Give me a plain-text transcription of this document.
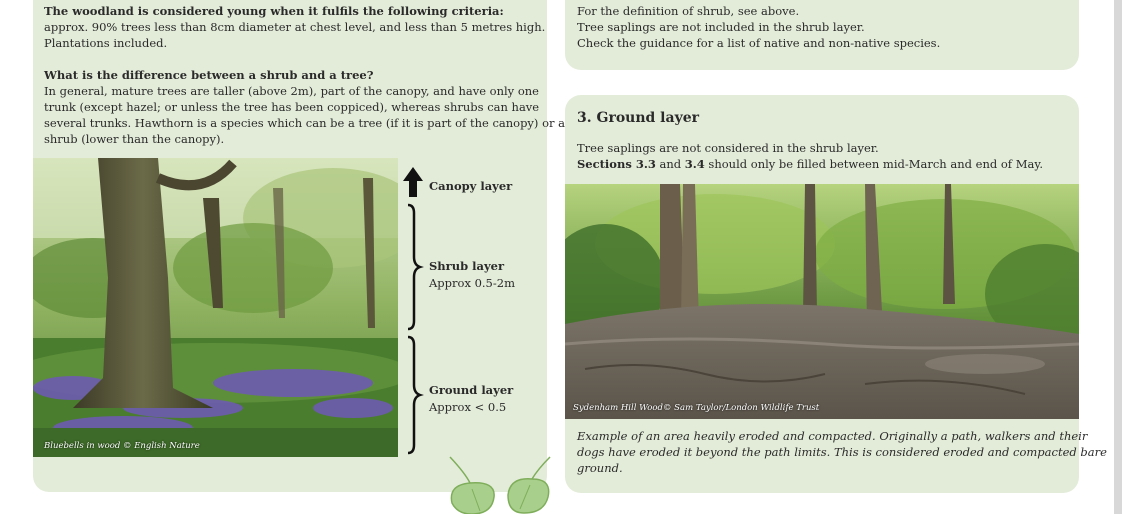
The woodland is considered young when it fulfils the following criteria:

approx. 90% trees less than 8cm diameter at chest level, and less than 5 metres high.

Plantations included.

What is the difference between a shrub and a tree?

In general, mature trees are taller (above 2m), part of the canopy, and have only one

trunk (except hazel; or unless the tree has been coppiced), whereas shrubs can have

several trunks. Hawthorn is a species which can be a tree (if it is part of the canopy) or a

shrub (lower than the canopy).

Bluebells in wood © English Nature
Canopy layer
Shrub layer
Approx 0.5-2m
Ground layer
Approx < 0.5

For the definition of shrub, see above.

Tree saplings are not included in the shrub layer.

Check the guidance for a list of native and non-native species.

3. Ground layer

Tree saplings are not considered in the shrub layer.

Sections 3.3 and 3.4 should only be filled between mid-March and end of May.

Sydenham Hill Wood© Sam Taylor/London Wildlife Trust

Example of an area heavily eroded and compacted. Originally a path, walkers and their

dogs have eroded it beyond the path limits. This is considered eroded and compacted bare

ground.
